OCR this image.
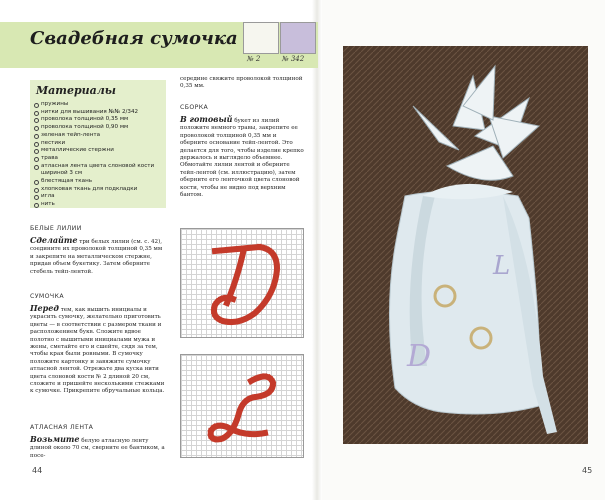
Свадебная сумочка
№ 2	№ 342
Материалы
пружины
нитки для вышивания №№ 2/342
проволока толщиной 0,35 мм
проволока толщиной 0,90 мм
зеленая тейп-лента
пестики
металлические стержни
трава
атласная лента цвета слоновой кости шириной 3 см
блестящая ткань
хлопковая ткань для подкладки
игла
нить
БЕЛЫЕ ЛИЛИИ

Сделайте три белых лилии (см. с. 42), соедините их проволокой толщиной 0,35 мм и закрепите на металлическом стержне, придав объем букетику. Затем оберните стебель тейп-лентой.

СУМОЧКА

Перед тем, как вышить инициалы и украсить сумочку, желательно приготовить цветы — в соответствии с размером ткани и расположением букв. Сложите вдвое полотно с вышитыми инициалами мужа и жены, сметайте его и сшейте, сядя за тем, чтобы края были ровными. В сумочку положите картонку и завяжите сумочку атласной лентой. Отрежьте два куска нити цвета слоновой кости № 2 длиной 20 см, сложите и пришейте несколькими стежками к сумочке. Прикрепите обручальные кольца.

АТЛАСНАЯ ЛЕНТА

Возьмите белую атласную ленту длиной около 70 см, сверните ее бантиком, а посе-

середине свяжите проволокой толщиной 0,35 мм.

СБОРКА

В готовый букет из лилий положите немного травы, закрепите ее проволокой толщиной 0,35 мм и оберните основание тейп-лентой. Это делается для того, чтобы изделие крепко держалось и выглядело объемнее. Обмотайте лилии лентой и оберните тейп-лентой (см. иллюстрацию), затем оберните его ленточкой цвета слоновой кости, чтобы не видно под верхним бантом.

44	45
L
D
